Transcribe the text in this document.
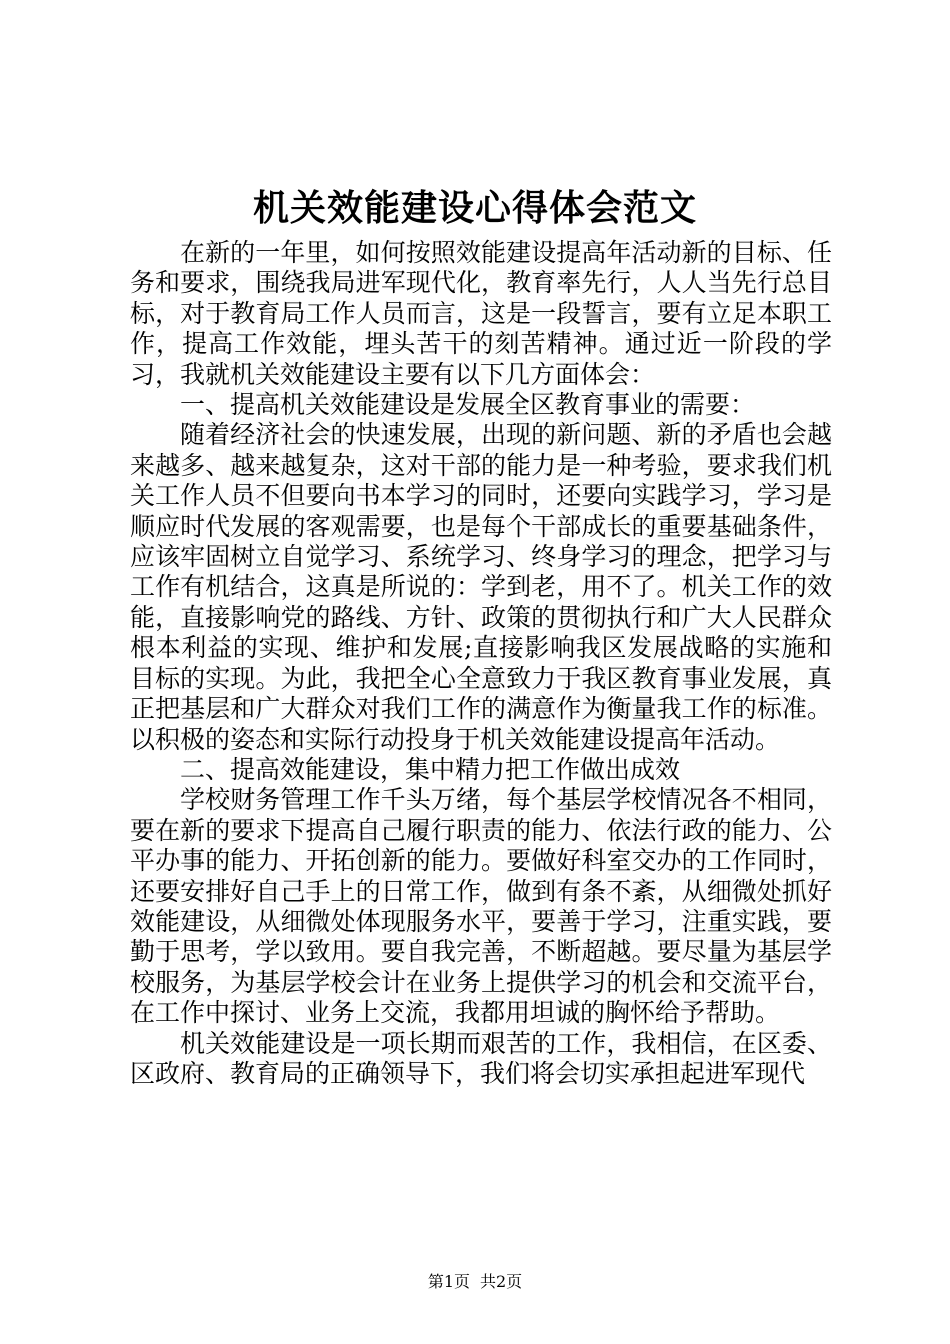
机关效能建设心得体会范文

在新的一年里，如何按照效能建设提高年活动新的目标、任务和要求，围绕我局进军现代化，教育率先行，人人当先行总目标，对于教育局工作人员而言，这是一段誓言，要有立足本职工作，提高工作效能，埋头苦干的刻苦精神。通过近一阶段的学习，我就机关效能建设主要有以下几方面体会：

一、提高机关效能建设是发展全区教育事业的需要：

随着经济社会的快速发展，出现的新问题、新的矛盾也会越来越多、越来越复杂，这对干部的能力是一种考验，要求我们机关工作人员不但要向书本学习的同时，还要向实践学习，学习是顺应时代发展的客观需要，也是每个干部成长的重要基础条件，应该牢固树立自觉学习、系统学习、终身学习的理念，把学习与工作有机结合，这真是所说的：学到老，用不了。机关工作的效能，直接影响党的路线、方针、政策的贯彻执行和广大人民群众根本利益的实现、维护和发展;直接影响我区发展战略的实施和目标的实现。为此，我把全心全意致力于我区教育事业发展，真正把基层和广大群众对我们工作的满意作为衡量我工作的标准。以积极的姿态和实际行动投身于机关效能建设提高年活动。

二、提高效能建设，集中精力把工作做出成效

学校财务管理工作千头万绪，每个基层学校情况各不相同，要在新的要求下提高自己履行职责的能力、依法行政的能力、公平办事的能力、开拓创新的能力。要做好科室交办的工作同时，还要安排好自己手上的日常工作，做到有条不紊，从细微处抓好效能建设，从细微处体现服务水平，要善于学习，注重实践，要勤于思考，学以致用。要自我完善，不断超越。要尽量为基层学校服务，为基层学校会计在业务上提供学习的机会和交流平台，在工作中探讨、业务上交流，我都用坦诚的胸怀给予帮助。

机关效能建设是一项长期而艰苦的工作，我相信，在区委、区政府、教育局的正确领导下，我们将会切实承担起进军现代

第1页 共2页
